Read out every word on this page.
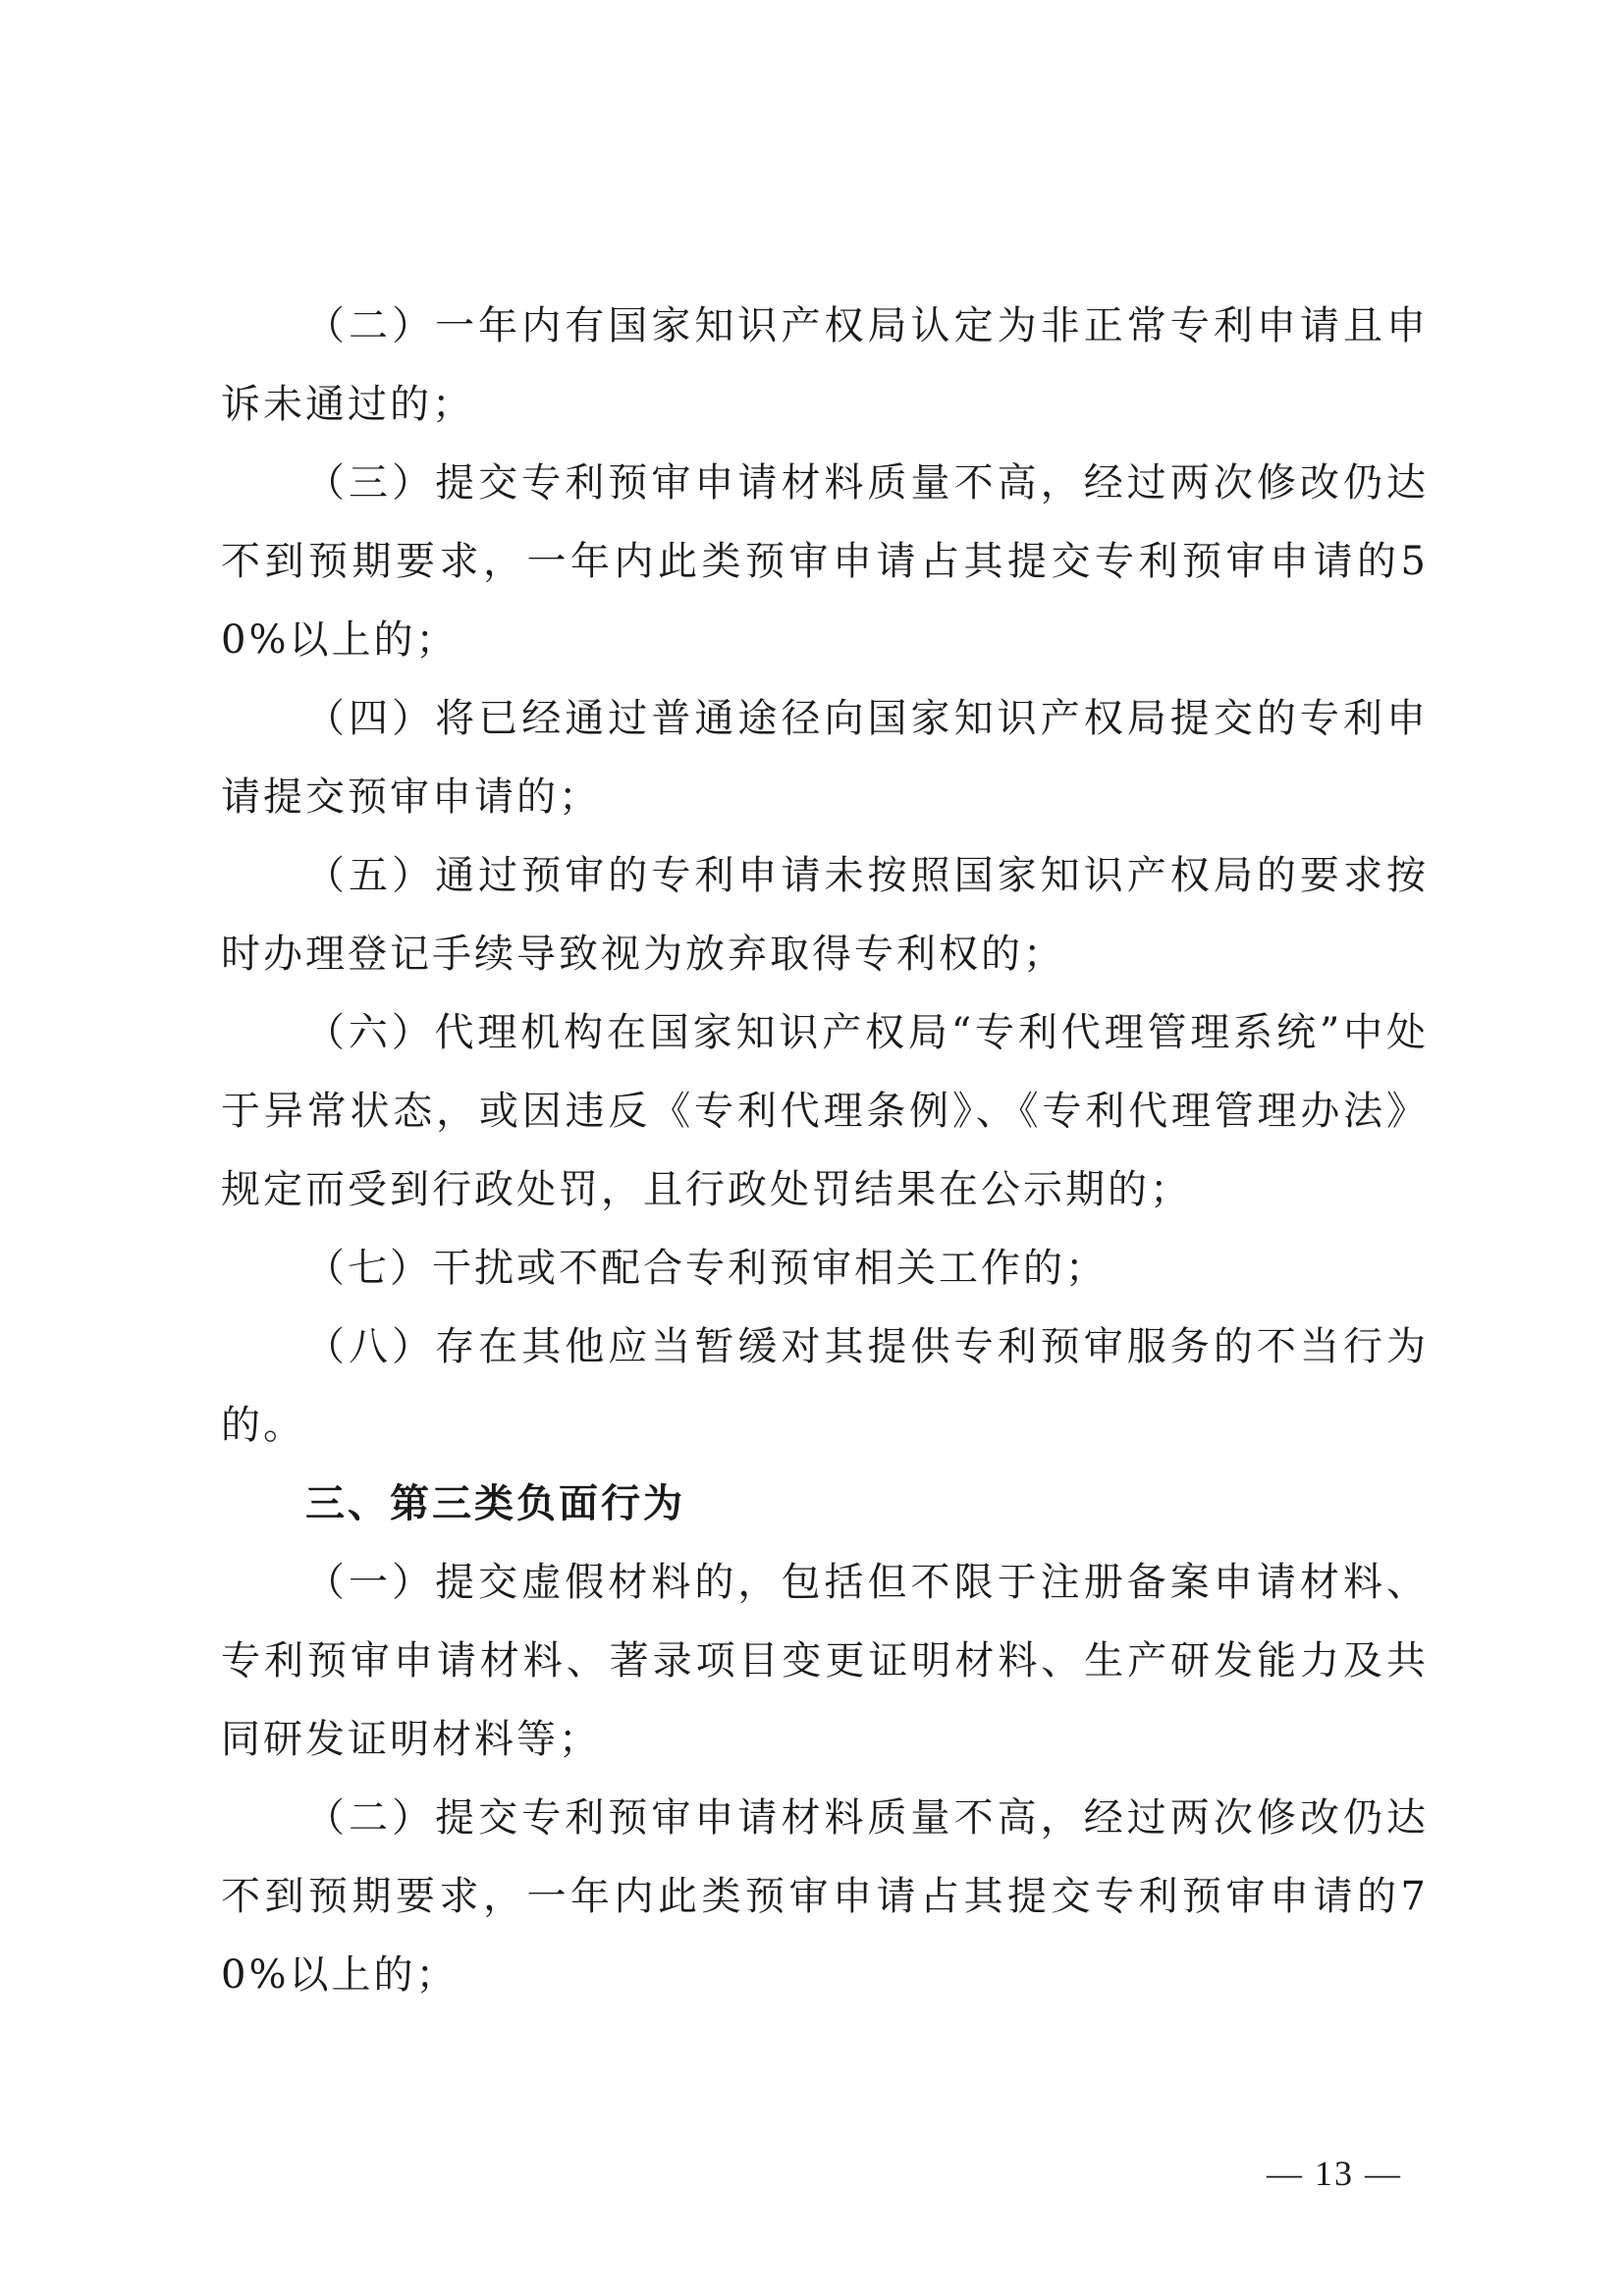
（二）一年内有国家知识产权局认定为非正常专利申请且申诉未通过的；

（三）提交专利预审申请材料质量不高，经过两次修改仍达不到预期要求，一年内此类预审申请占其提交专利预审申请的50%以上的；

（四）将已经通过普通途径向国家知识产权局提交的专利申请提交预审申请的；

（五）通过预审的专利申请未按照国家知识产权局的要求按时办理登记手续导致视为放弃取得专利权的；

（六）代理机构在国家知识产权局“专利代理管理系统”中处于异常状态，或因违反《专利代理条例》、《专利代理管理办法》规定而受到行政处罚，且行政处罚结果在公示期的；

（七）干扰或不配合专利预审相关工作的；

（八）存在其他应当暂缓对其提供专利预审服务的不当行为的。

三、第三类负面行为

（一）提交虚假材料的，包括但不限于注册备案申请材料、专利预审申请材料、著录项目变更证明材料、生产研发能力及共同研发证明材料等；

（二）提交专利预审申请材料质量不高，经过两次修改仍达不到预期要求，一年内此类预审申请占其提交专利预审申请的70%以上的；

— 13 —
